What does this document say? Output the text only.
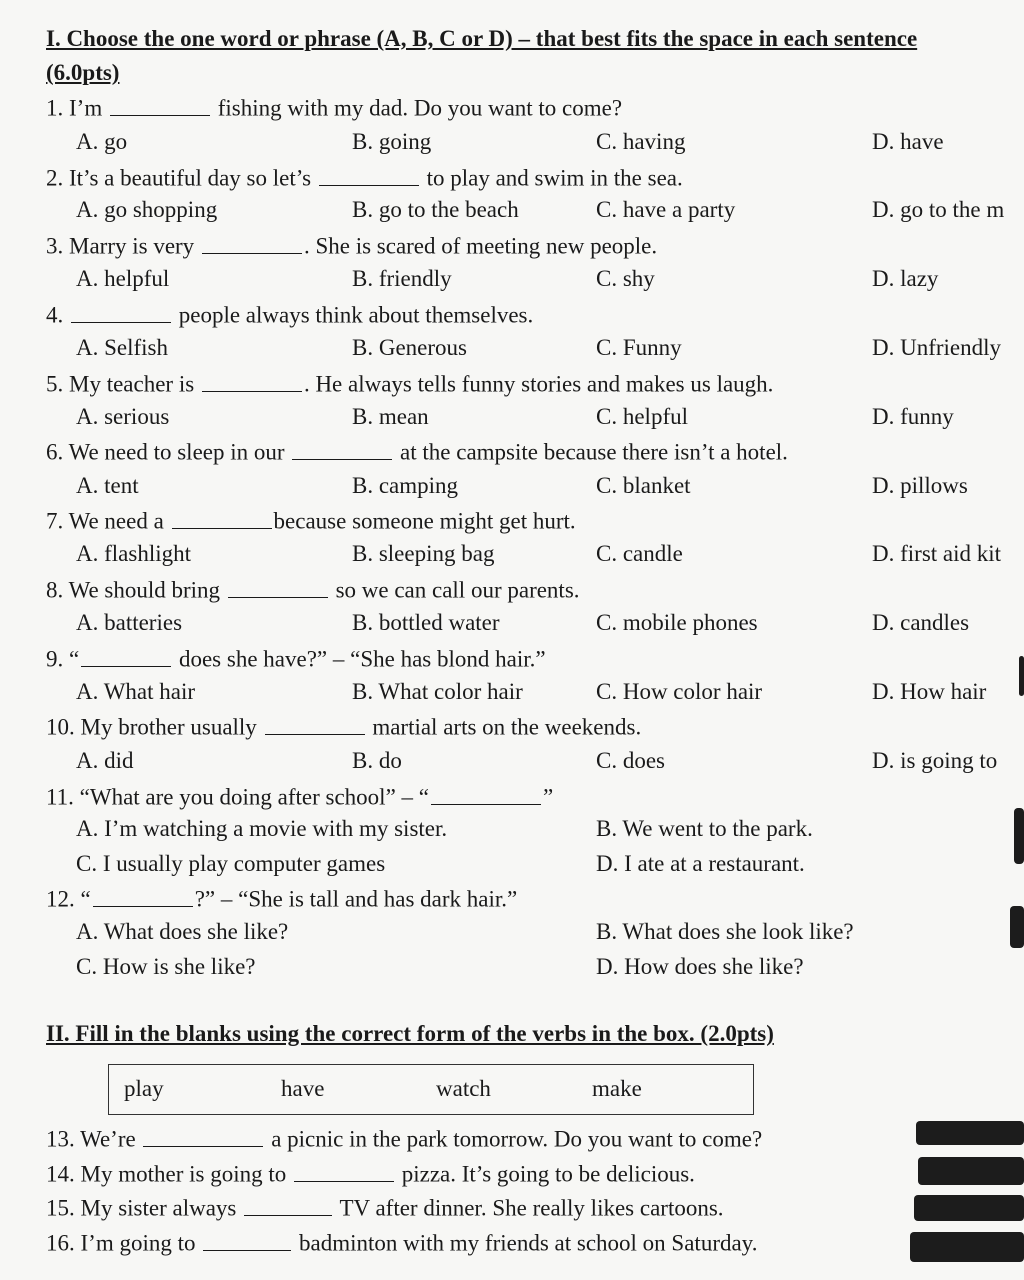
I. Choose the one word or phrase (A, B, C or D) – that best fits the space in each sentence
(6.0pts)
1. I’m	fishing with my dad. Do you want to come?
A. go	B. going	C. having	D. have
2. It’s a beautiful day so let’s	to play and swim in the sea.
A. go shopping	B. go to the beach	C. have a party	D. go to the m
3. Marry is very	. She is scared of meeting new people.
A. helpful	B. friendly	C. shy	D. lazy
4.	people always think about themselves.
A. Selfish	B. Generous	C. Funny	D. Unfriendly
5. My teacher is	. He always tells funny stories and makes us laugh.
A. serious	B. mean	C. helpful	D. funny
6. We need to sleep in our	at the campsite because there isn’t a hotel.
A. tent	B. camping	C. blanket	D. pillows
7. We need a	because someone might get hurt.
A. flashlight	B. sleeping bag	C. candle	D. first aid kit
8. We should bring	so we can call our parents.
A. batteries	B. bottled water	C. mobile phones	D. candles
9. “	does she have?” – “She has blond hair.”
A. What hair	B. What color hair	C. How color hair	D. How hair
10. My brother usually	martial arts on the weekends.
A. did	B. do	C. does	D. is going to
11. “What are you doing after school” – “	”
A. I’m watching a movie with my sister.	B. We went to the park.
C. I usually play computer games	D. I ate at a restaurant.
12. “	?” – “She is tall and has dark hair.”
A. What does she like?	B. What does she look like?
C. How is she like?	D. How does she like?
II. Fill in the blanks using the correct form of the verbs in the box. (2.0pts)
play	have	watch	make
13. We’re	a picnic in the park tomorrow. Do you want to come?
14. My mother is going to	pizza. It’s going to be delicious.
15. My sister always	TV after dinner. She really likes cartoons.
16. I’m going to	badminton with my friends at school on Saturday.
